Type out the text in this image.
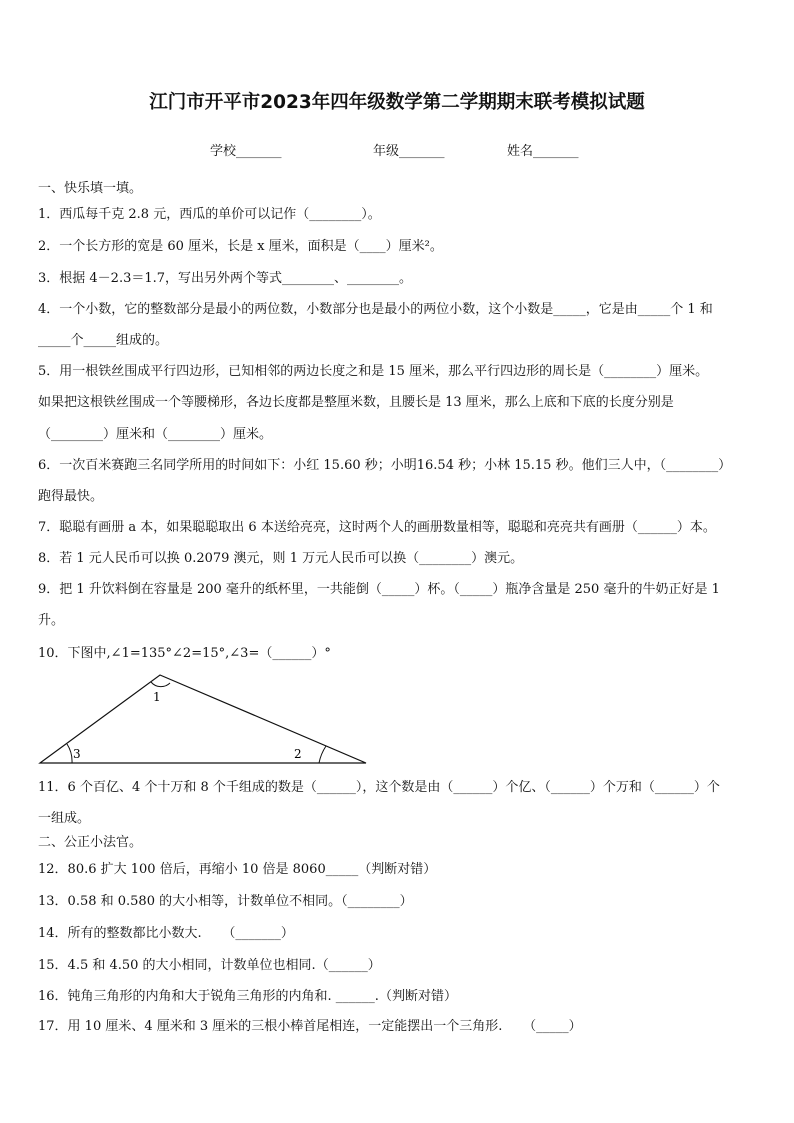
江门市开平市2023年四年级数学第二学期期末联考模拟试题
学校_______	年级_______	姓名_______
一、快乐填一填。
1．西瓜每千克 2.8 元，西瓜的单价可以记作（________）。
2．一个长方形的宽是 60 厘米，长是 x 厘米，面积是（____）厘米²。
3．根据 4－2.3＝1.7，写出另外两个等式________、________。
4．一个小数，它的整数部分是最小的两位数，小数部分也是最小的两位小数，这个小数是_____，它是由_____个 1 和
_____个_____组成的。
5．用一根铁丝围成平行四边形，已知相邻的两边长度之和是 15 厘米，那么平行四边形的周长是（________）厘米。
如果把这根铁丝围成一个等腰梯形，各边长度都是整厘米数，且腰长是 13 厘米，那么上底和下底的长度分别是
（________）厘米和（________）厘米。
6．一次百米赛跑三名同学所用的时间如下：小红 15.60 秒；小明16.54 秒；小林 15.15 秒。他们三人中，（________）
跑得最快。
7．聪聪有画册 a 本，如果聪聪取出 6 本送给亮亮，这时两个人的画册数量相等，聪聪和亮亮共有画册（______）本。
8．若 1 元人民币可以换 0.2079 澳元，则 1 万元人民币可以换（________）澳元。
9．把 1 升饮料倒在容量是 200 毫升的纸杯里，一共能倒（_____）杯。（_____）瓶净含量是 250 毫升的牛奶正好是 1
升。
10．下图中,∠1=135°∠2=15°,∠3=（______）°
1
2
3
11．6 个百亿、4 个十万和 8 个千组成的数是（______），这个数是由（______）个亿、（______）个万和（______）个
一组成。
二、公正小法官。
12．80.6 扩大 100 倍后，再缩小 10 倍是 8060_____（判断对错）
13．0.58 和 0.580 的大小相等，计数单位不相同。（________）
14．所有的整数都比小数大.     （_______）
15．4.5 和 4.50 的大小相同，计数单位也相同.（______）
16．钝角三角形的内角和大于锐角三角形的内角和. ______.（判断对错）
17．用 10 厘米、4 厘米和 3 厘米的三根小棒首尾相连，一定能摆出一个三角形.     （_____）
